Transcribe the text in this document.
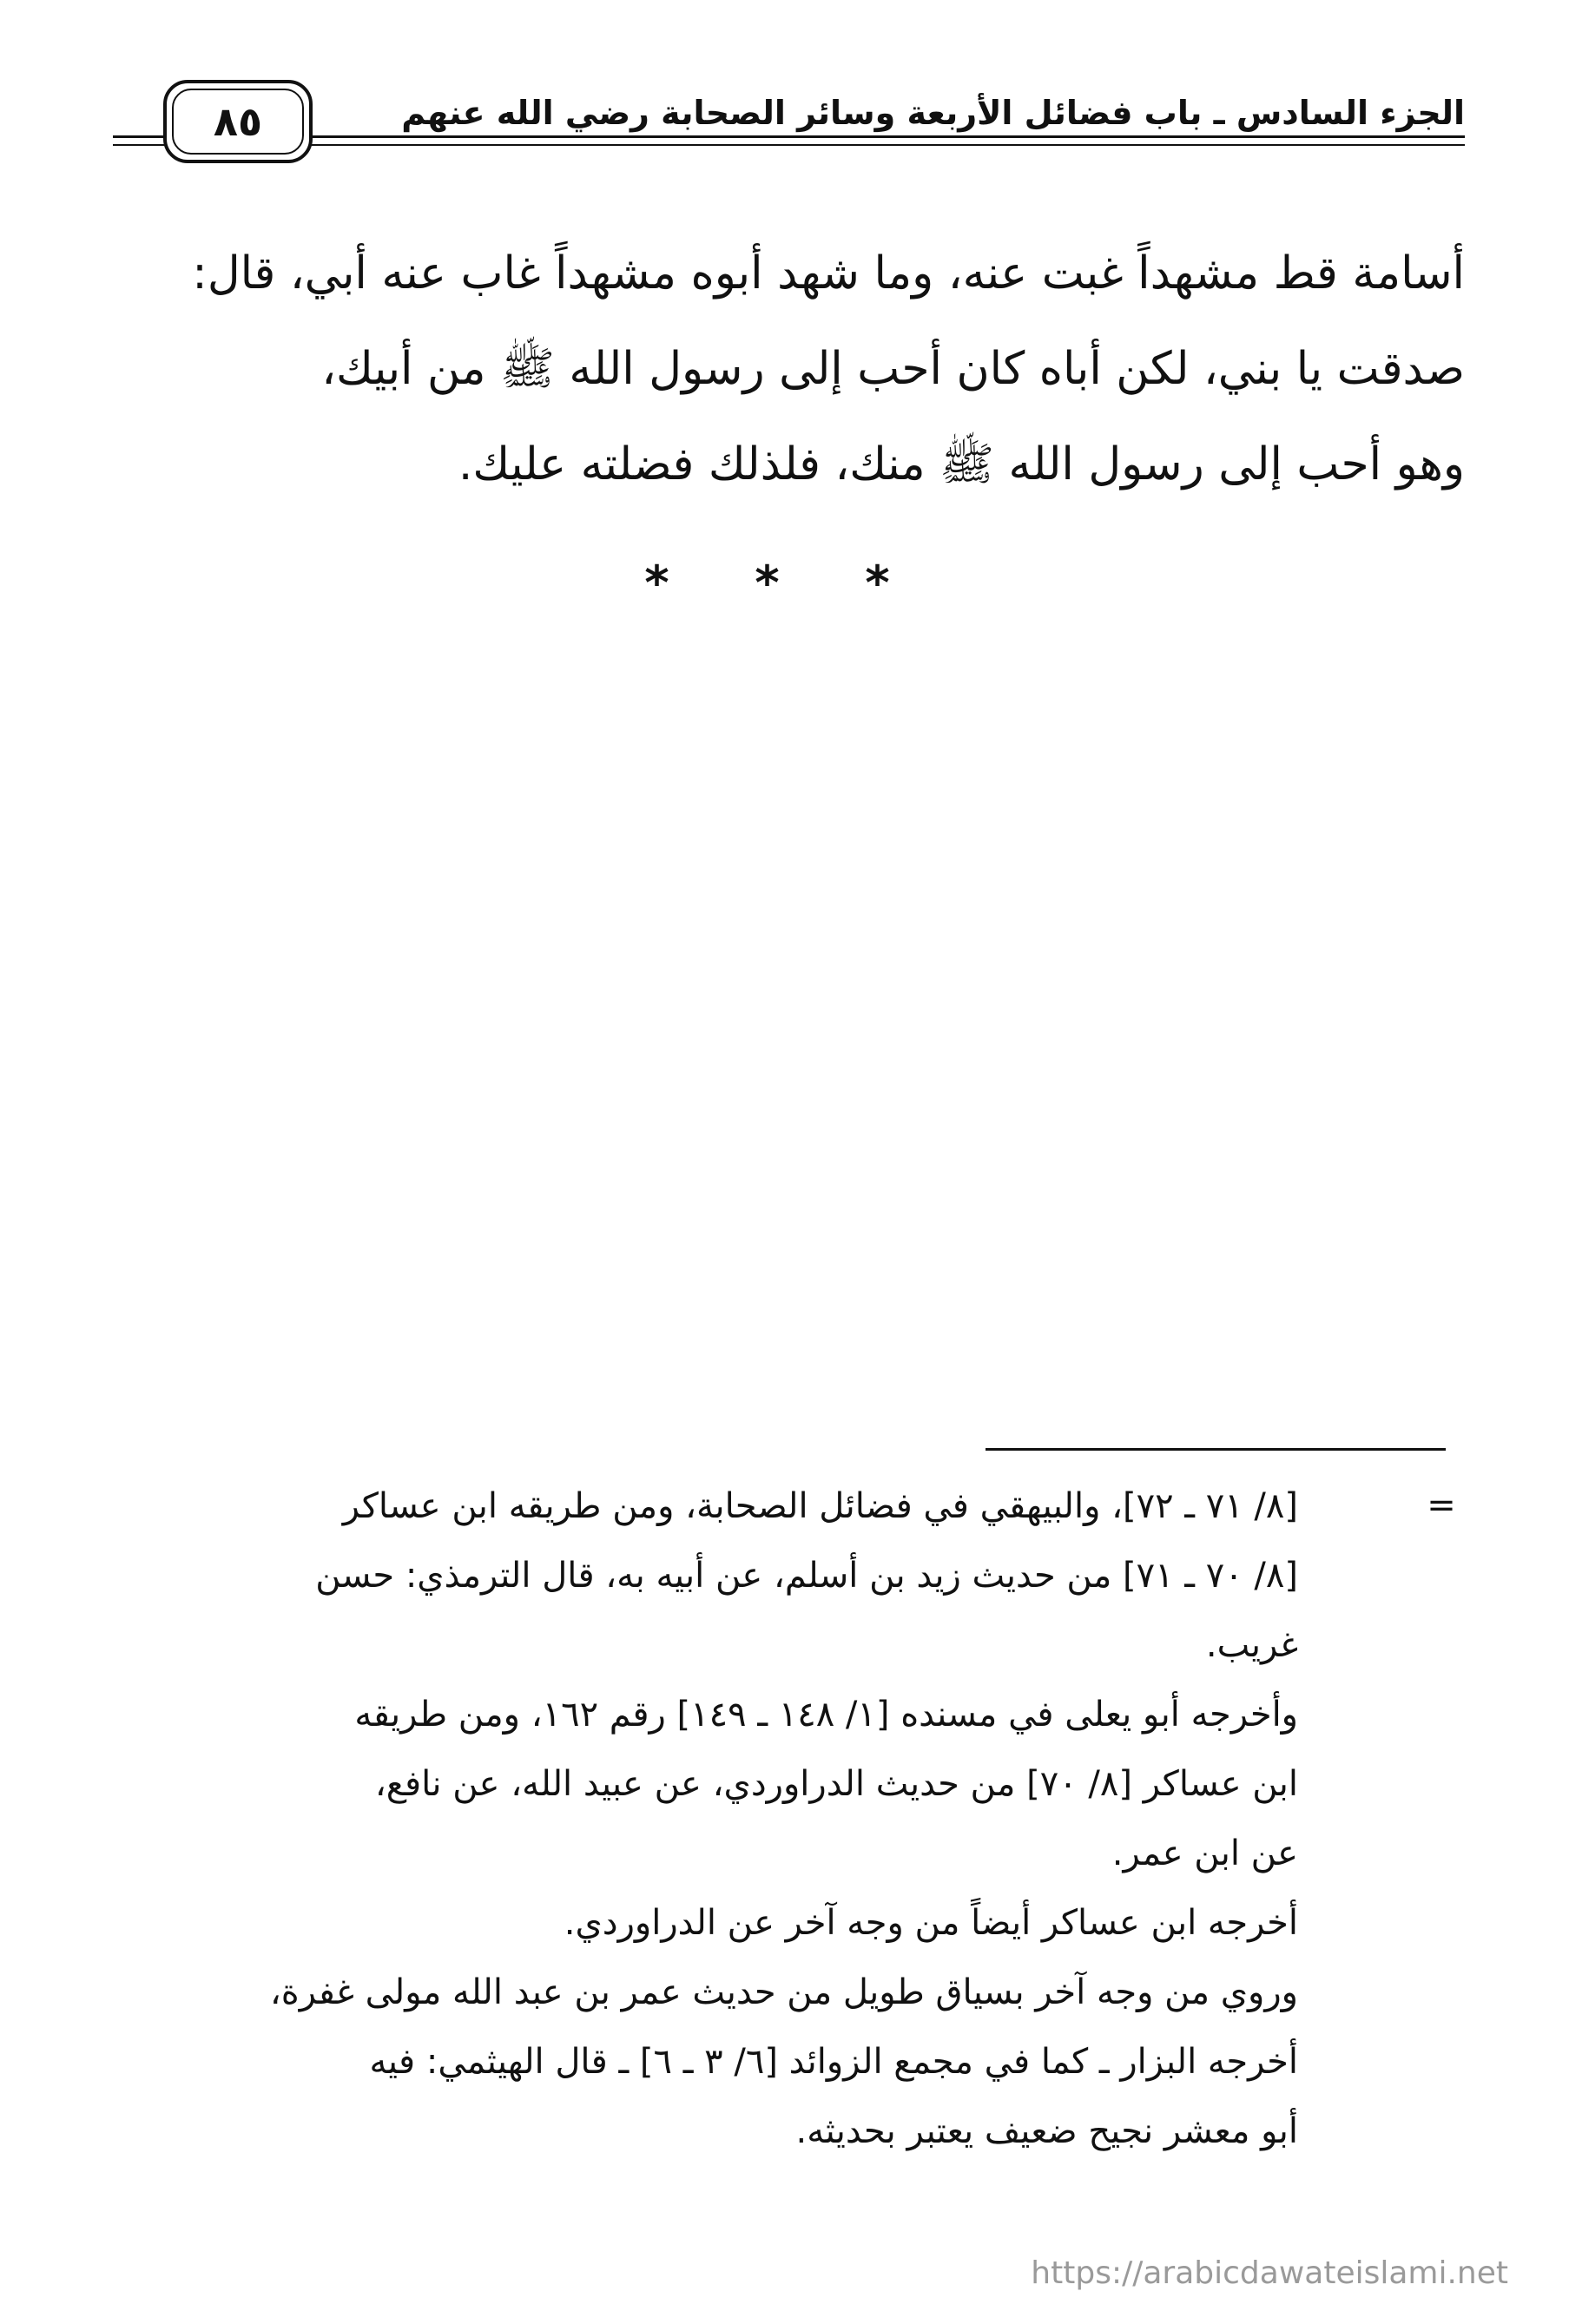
الجزء السادس ـ باب فضائل الأربعة وسائر الصحابة رضي الله عنهم
٨٥
أسامة قط مشهداً غبت عنه، وما شهد أبوه مشهداً غاب عنه أبي، قال:
صدقت يا بني، لكن أباه كان أحب إلى رسول الله ﷺ من أبيك،
وهو أحب إلى رسول الله ﷺ منك، فلذلك فضلته عليك.
* * *
=
[٨/ ٧١ ـ ٧٢]، والبيهقي في فضائل الصحابة، ومن طريقه ابن عساكر
[٨/ ٧٠ ـ ٧١] من حديث زيد بن أسلم، عن أبيه به، قال الترمذي: حسن
غريب.
وأخرجه أبو يعلى في مسنده [١/ ١٤٨ ـ ١٤٩] رقم ١٦٢، ومن طريقه
ابن عساكر [٨/ ٧٠] من حديث الدراوردي، عن عبيد الله، عن نافع،
عن ابن عمر.
أخرجه ابن عساكر أيضاً من وجه آخر عن الدراوردي.
وروي من وجه آخر بسياق طويل من حديث عمر بن عبد الله مولى غفرة،
أخرجه البزار ـ كما في مجمع الزوائد [٦/ ٣ ـ ٦] ـ قال الهيثمي: فيه
أبو معشر نجيح ضعيف يعتبر بحديثه.
https://arabicdawateislami.net
